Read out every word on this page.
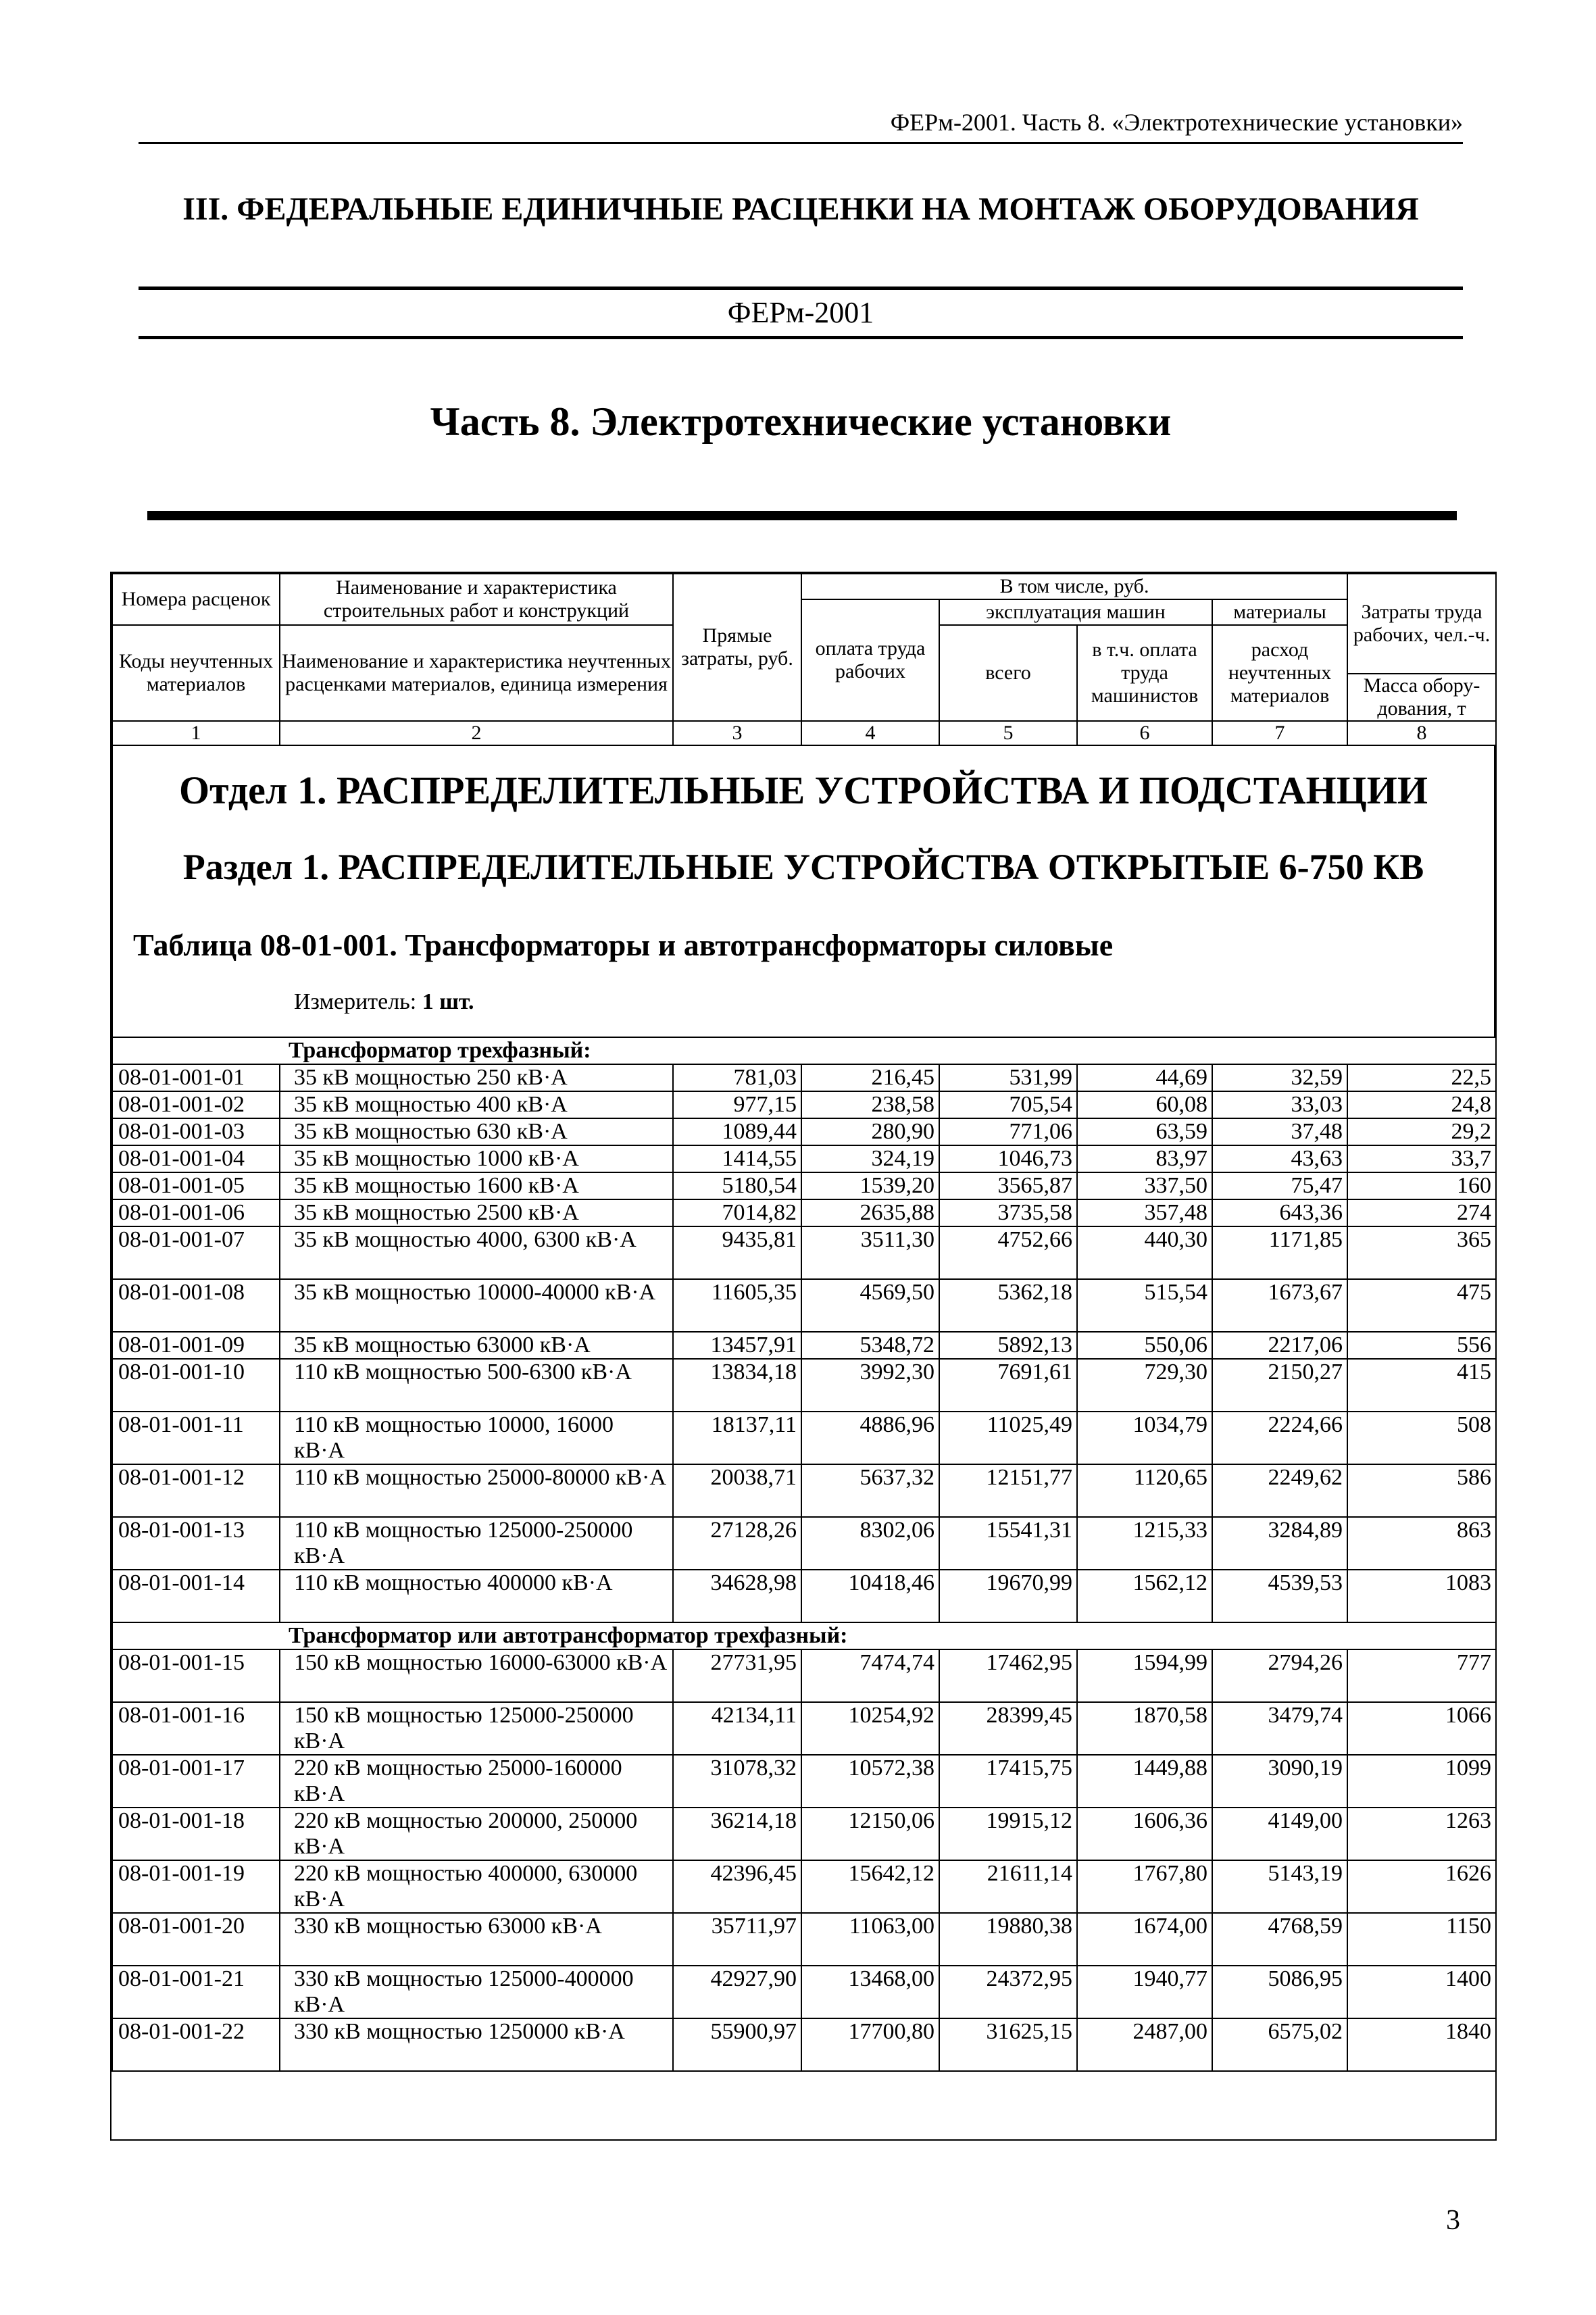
ФЕРм-2001. Часть 8. «Электротехнические установки»
III. ФЕДЕРАЛЬНЫЕ ЕДИНИЧНЫЕ РАСЦЕНКИ НА МОНТАЖ ОБОРУДОВАНИЯ
ФЕРм-2001
Часть 8. Электротехнические установки
Номера расценок	Наименование и характеристика строительных работ и конструкций	Прямые затраты, руб.	В том числе, руб.				Затраты труда рабочих, чел.-ч.
			оплата труда рабочих	эксплуатация машин		материалы	
Коды неучтенных материалов	Наименование и характеристика неучтенных расценками материалов, единица измерения			всего	в т.ч. оплата труда машинистов	расход неучтенных материалов	

							Масса обору-дования, т
1	2	3	4	5	6	7	8
Отдел 1. РАСПРЕДЕЛИТЕЛЬНЫЕ УСТРОЙСТВА И ПОДСТАНЦИИ
Раздел 1. РАСПРЕДЕЛИТЕЛЬНЫЕ УСТРОЙСТВА ОТКРЫТЫЕ 6-750 КВ
Таблица 08-01-001. Трансформаторы и автотрансформаторы силовые
Измеритель: 1 шт.
Трансформатор трехфазный:							
08-01-001-01	35 кВ мощностью 250 кВ·А	781,03	216,45	531,99	44,69	32,59	22,5
08-01-001-02	35 кВ мощностью 400 кВ·А	977,15	238,58	705,54	60,08	33,03	24,8
08-01-001-03	35 кВ мощностью 630 кВ·А	1089,44	280,90	771,06	63,59	37,48	29,2
08-01-001-04	35 кВ мощностью 1000 кВ·А	1414,55	324,19	1046,73	83,97	43,63	33,7
08-01-001-05	35 кВ мощностью 1600 кВ·А	5180,54	1539,20	3565,87	337,50	75,47	160
08-01-001-06	35 кВ мощностью 2500 кВ·А	7014,82	2635,88	3735,58	357,48	643,36	274
08-01-001-07	35 кВ мощностью 4000, 6300 кВ·А	9435,81	3511,30	4752,66	440,30	1171,85	365
08-01-001-08	35 кВ мощностью 10000-40000 кВ·А	11605,35	4569,50	5362,18	515,54	1673,67	475
08-01-001-09	35 кВ мощностью 63000 кВ·А	13457,91	5348,72	5892,13	550,06	2217,06	556
08-01-001-10	110 кВ мощностью 500-6300 кВ·А	13834,18	3992,30	7691,61	729,30	2150,27	415
08-01-001-11	110 кВ мощностью 10000, 16000 кВ·А	18137,11	4886,96	11025,49	1034,79	2224,66	508
08-01-001-12	110 кВ мощностью 25000-80000 кВ·А	20038,71	5637,32	12151,77	1120,65	2249,62	586
08-01-001-13	110 кВ мощностью 125000-250000 кВ·А	27128,26	8302,06	15541,31	1215,33	3284,89	863
08-01-001-14	110 кВ мощностью 400000 кВ·А	34628,98	10418,46	19670,99	1562,12	4539,53	1083
Трансформатор или автотрансформатор трехфазный:							
08-01-001-15	150 кВ мощностью 16000-63000 кВ·А	27731,95	7474,74	17462,95	1594,99	2794,26	777
08-01-001-16	150 кВ мощностью 125000-250000 кВ·А	42134,11	10254,92	28399,45	1870,58	3479,74	1066
08-01-001-17	220 кВ мощностью 25000-160000 кВ·А	31078,32	10572,38	17415,75	1449,88	3090,19	1099
08-01-001-18	220 кВ мощностью 200000, 250000 кВ·А	36214,18	12150,06	19915,12	1606,36	4149,00	1263
08-01-001-19	220 кВ мощностью 400000, 630000 кВ·А	42396,45	15642,12	21611,14	1767,80	5143,19	1626
08-01-001-20	330 кВ мощностью 63000 кВ·А	35711,97	11063,00	19880,38	1674,00	4768,59	1150
08-01-001-21	330 кВ мощностью 125000-400000 кВ·А	42927,90	13468,00	24372,95	1940,77	5086,95	1400
08-01-001-22	330 кВ мощностью 1250000 кВ·А	55900,97	17700,80	31625,15	2487,00	6575,02	1840
3
